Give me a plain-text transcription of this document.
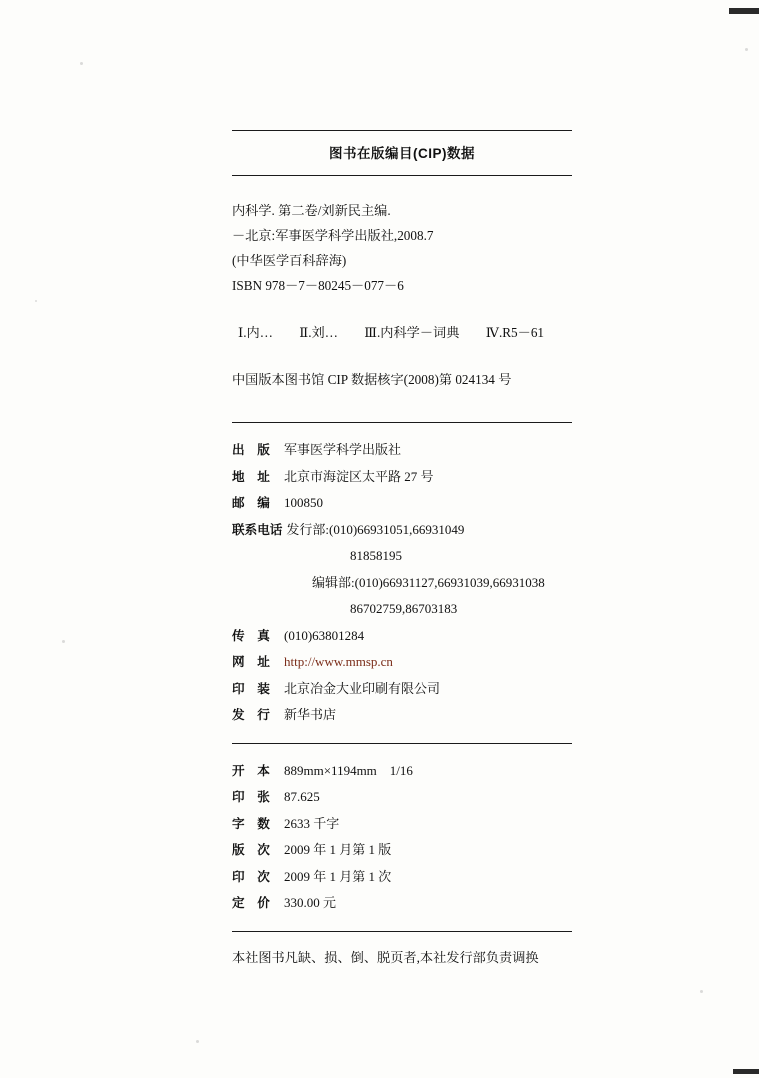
图书在版编目(CIP)数据
内科学. 第二卷/刘新民主编.
－北京:军事医学科学出版社,2008.7
(中华医学百科辞海)
ISBN 978－7－80245－077－6
Ⅰ.内…　　Ⅱ.刘…　　Ⅲ.内科学－词典　　Ⅳ.R5－61
中国版本图书馆 CIP 数据核字(2008)第 024134 号
出　版	军事医学科学出版社
地　址	北京市海淀区太平路 27 号
邮　编	100850
联系电话 发行部:(010)66931051,66931049
81858195
编辑部:(010)66931127,66931039,66931038
86702759,86703183
传　真	(010)63801284
网　址	http://www.mmsp.cn
印　装	北京冶金大业印刷有限公司
发　行	新华书店
开　本	889mm×1194mm　1/16
印　张	87.625
字　数	2633 千字
版　次	2009 年 1 月第 1 版
印　次	2009 年 1 月第 1 次
定　价	330.00 元
本社图书凡缺、损、倒、脱页者,本社发行部负责调换
